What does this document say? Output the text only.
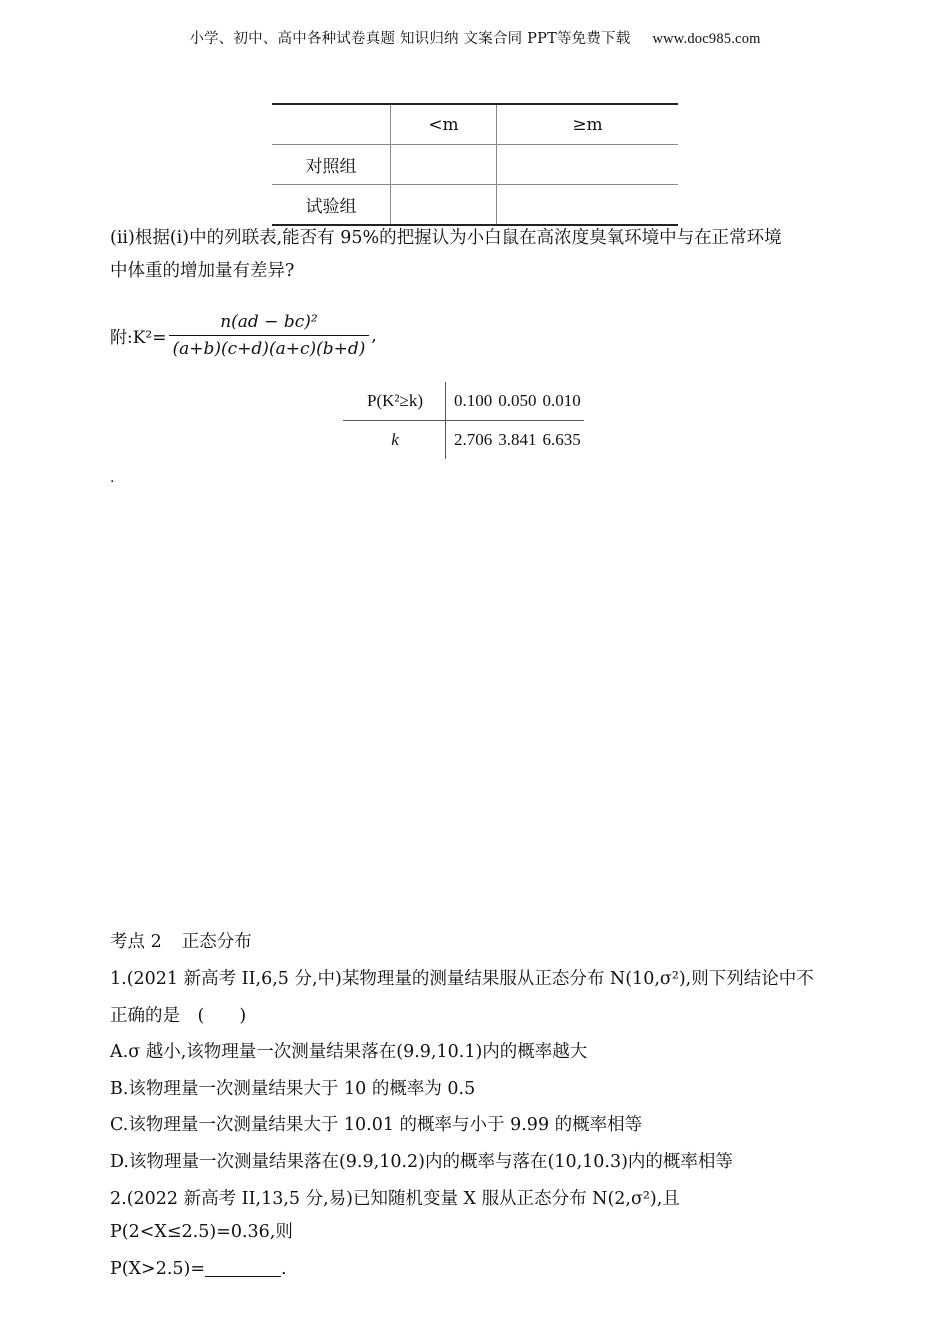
小学、初中、高中各种试卷真题 知识归纳 文案合同 PPT等免费下载 www.doc985.com
	<m	≥m
对照组		
试验组		
(ii)根据(i)中的列联表,能否有 95%的把握认为小白鼠在高浓度臭氧环境中与在正常环境
中体重的增加量有差异?
附:K²= $\frac{\text{n(ad − bc)²}}{(a+b)(c+d)(a+c)(b+d)}$ ,
P(K²≥k)	0.100	0.050	0.010
k	2.706	3.841	6.635
.
考点 2 正态分布
1.(2021 新高考 II,6,5 分,中)某物理量的测量结果服从正态分布 N(10,σ²),则下列结论中不
正确的是　(　　)
A.σ 越小,该物理量一次测量结果落在(9.9,10.1)内的概率越大
B.该物理量一次测量结果大于 10 的概率为 0.5
C.该物理量一次测量结果大于 10.01 的概率与小于 9.99 的概率相等
D.该物理量一次测量结果落在(9.9,10.2)内的概率与落在(10,10.3)内的概率相等
2.(2022 新高考 II,13,5 分,易)已知随机变量 X 服从正态分布 N(2,σ²),且 P(2<X≤2.5)=0.36,则
P(X>2.5)=	.
